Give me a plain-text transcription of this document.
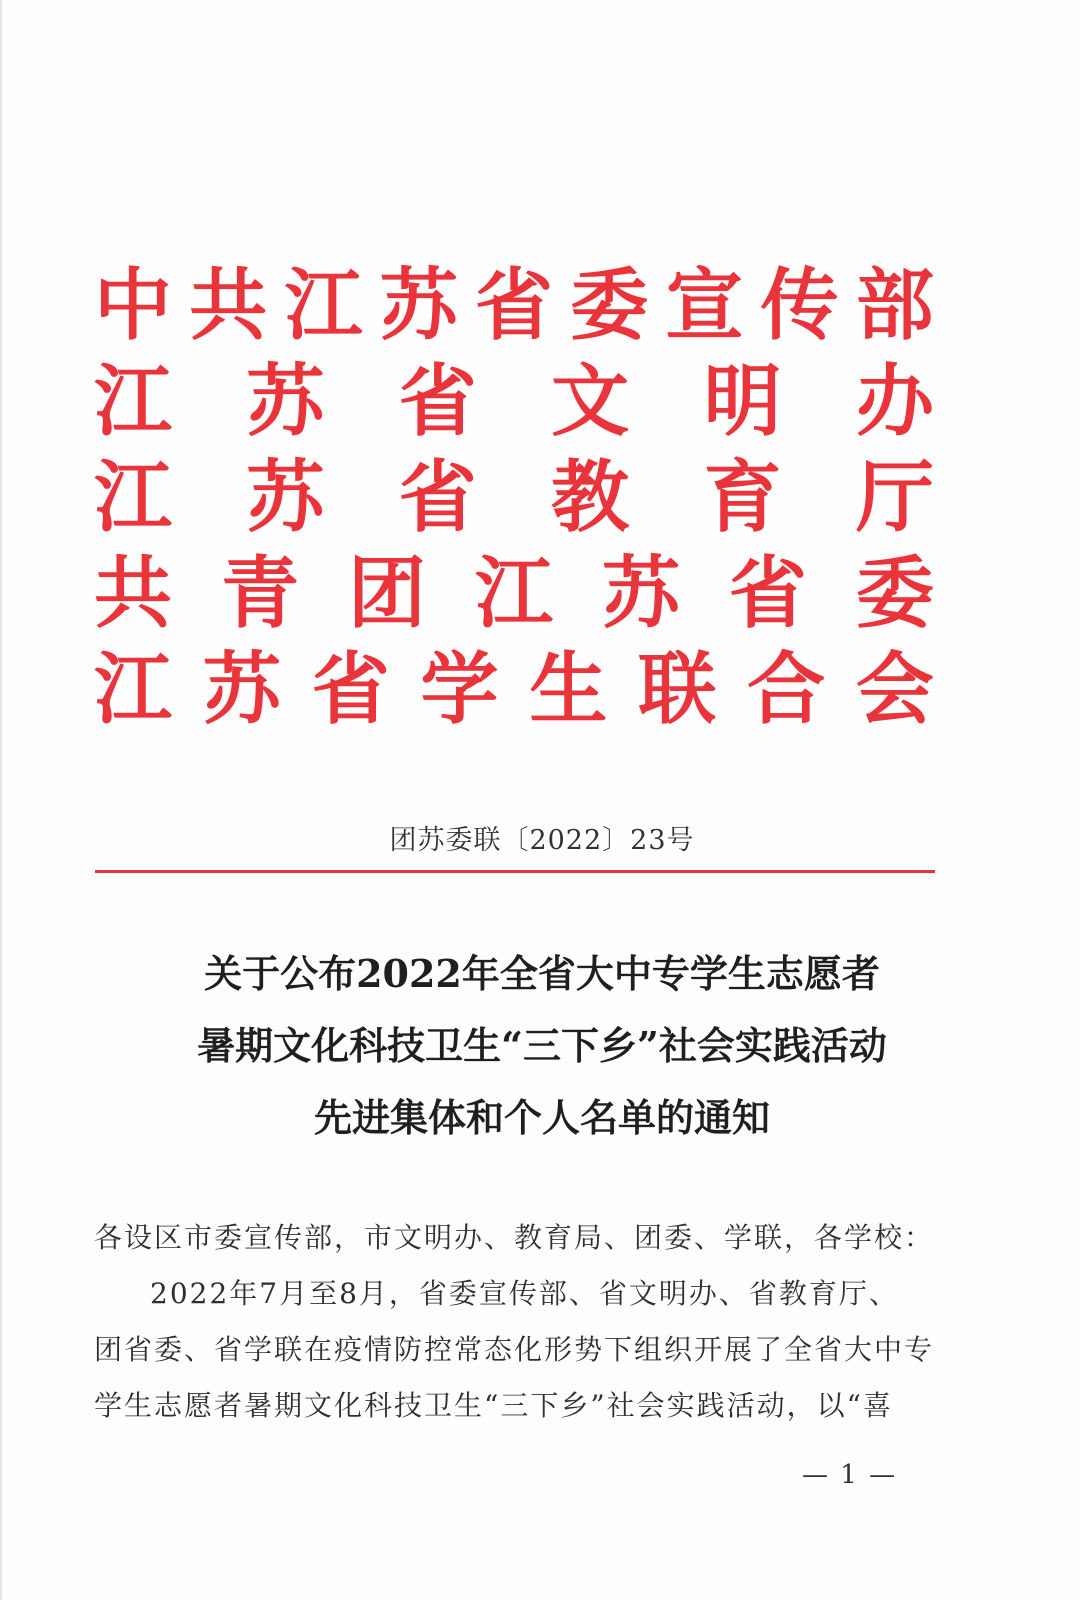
中 共 江 苏 省 委 宣 传 部
江 苏 省 文 明 办
江 苏 省 教 育 厅
共 青 团 江 苏 省 委
江 苏 省 学 生 联 合 会
团苏委联〔2022〕23号
关于公布2022年全省大中专学生志愿者
暑期文化科技卫生“三下乡”社会实践活动
先进集体和个人名单的通知
各设区市委宣传部，市文明办、教育局、团委、学联，各学校：
2022年7月至8月，省委宣传部、省文明办、省教育厅、
团省委、省学联在疫情防控常态化形势下组织开展了全省大中专
学生志愿者暑期文化科技卫生“三下乡”社会实践活动，以“喜
— 1 —
